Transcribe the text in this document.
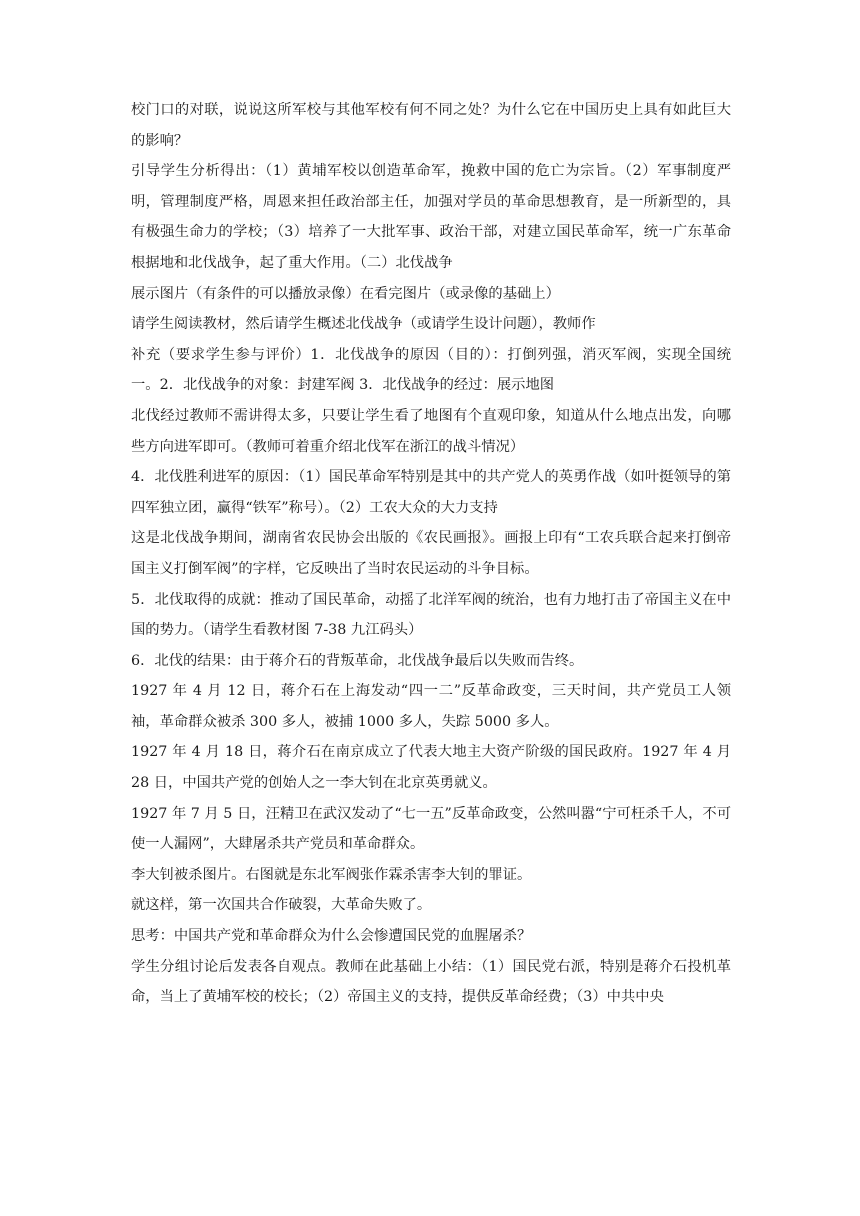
校门口的对联，说说这所军校与其他军校有何不同之处？为什么它在中国历史上具有如此巨大的影响？

引导学生分析得出：（1）黄埔军校以创造革命军，挽救中国的危亡为宗旨。（2）军事制度严明，管理制度严格，周恩来担任政治部主任，加强对学员的革命思想教育，是一所新型的，具有极强生命力的学校；（3）培养了一大批军事、政治干部，对建立国民革命军，统一广东革命根据地和北伐战争，起了重大作用。（二）北伐战争

展示图片（有条件的可以播放录像）在看完图片（或录像的基础上）

请学生阅读教材，然后请学生概述北伐战争（或请学生设计问题），教师作

补充（要求学生参与评价）1．北伐战争的原因（目的）：打倒列强，消灭军阀，实现全国统一。2．北伐战争的对象：封建军阀 3．北伐战争的经过：展示地图

北伐经过教师不需讲得太多，只要让学生看了地图有个直观印象，知道从什么地点出发，向哪些方向进军即可。（教师可着重介绍北伐军在浙江的战斗情况）

4．北伐胜利进军的原因：（1）国民革命军特别是其中的共产党人的英勇作战（如叶挺领导的第四军独立团，赢得“铁军”称号）。（2）工农大众的大力支持

这是北伐战争期间，湖南省农民协会出版的《农民画报》。画报上印有“工农兵联合起来打倒帝国主义打倒军阀”的字样，它反映出了当时农民运动的斗争目标。

5．北伐取得的成就：推动了国民革命，动摇了北洋军阀的统治，也有力地打击了帝国主义在中国的势力。（请学生看教材图 7-38 九江码头）

6．北伐的结果：由于蒋介石的背叛革命，北伐战争最后以失败而告终。

1927 年 4 月 12 日，蒋介石在上海发动“四一二”反革命政变，三天时间，共产党员工人领袖，革命群众被杀 300 多人，被捕 1000 多人，失踪 5000 多人。

1927 年 4 月 18 日，蒋介石在南京成立了代表大地主大资产阶级的国民政府。1927 年 4 月 28 日，中国共产党的创始人之一李大钊在北京英勇就义。

1927 年 7 月 5 日，汪精卫在武汉发动了“七一五”反革命政变，公然叫嚣“宁可枉杀千人，不可使一人漏网”，大肆屠杀共产党员和革命群众。

李大钊被杀图片。右图就是东北军阀张作霖杀害李大钊的罪证。

就这样，第一次国共合作破裂，大革命失败了。

思考：中国共产党和革命群众为什么会惨遭国民党的血腥屠杀？

学生分组讨论后发表各自观点。教师在此基础上小结：（1）国民党右派，特别是蒋介石投机革命，当上了黄埔军校的校长；（2）帝国主义的支持，提供反革命经费；（3）中共中央
